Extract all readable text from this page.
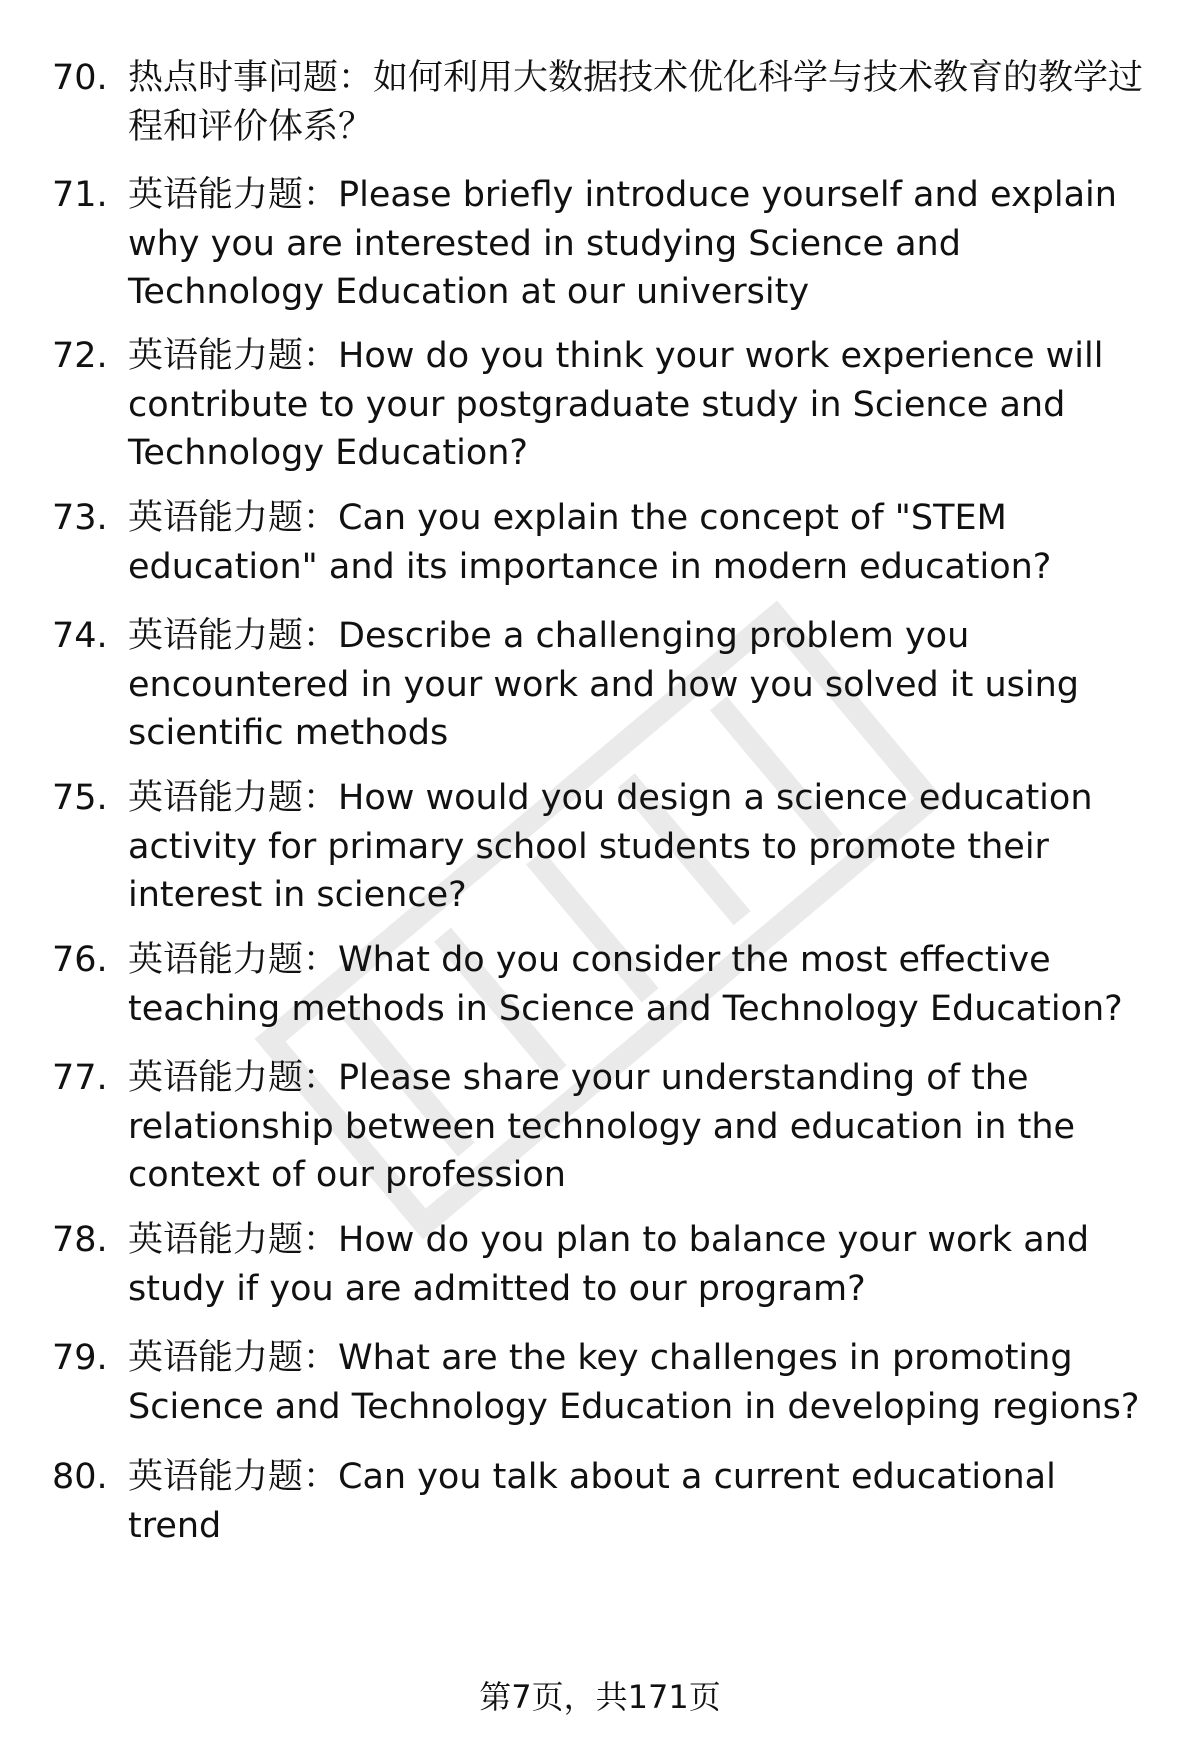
70. 热点时事问题：如何利用大数据技术优化科学与技术教育的教学过程和评价体系？
71. 英语能力题：Please briefly introduce yourself and explain why you are interested in studying Science and Technology Education at our university
72. 英语能力题：How do you think your work experience will contribute to your postgraduate study in Science and Technology Education?
73. 英语能力题：Can you explain the concept of "STEM education" and its importance in modern education?
74. 英语能力题：Describe a challenging problem you encountered in your work and how you solved it using scientific methods
75. 英语能力题：How would you design a science education activity for primary school students to promote their interest in science?
76. 英语能力题：What do you consider the most effective teaching methods in Science and Technology Education?
77. 英语能力题：Please share your understanding of the relationship between technology and education in the context of our profession
78. 英语能力题：How do you plan to balance your work and study if you are admitted to our program?
79. 英语能力题：What are the key challenges in promoting Science and Technology Education in developing regions?
80. 英语能力题：Can you talk about a current educational trend
第7页，共171页
